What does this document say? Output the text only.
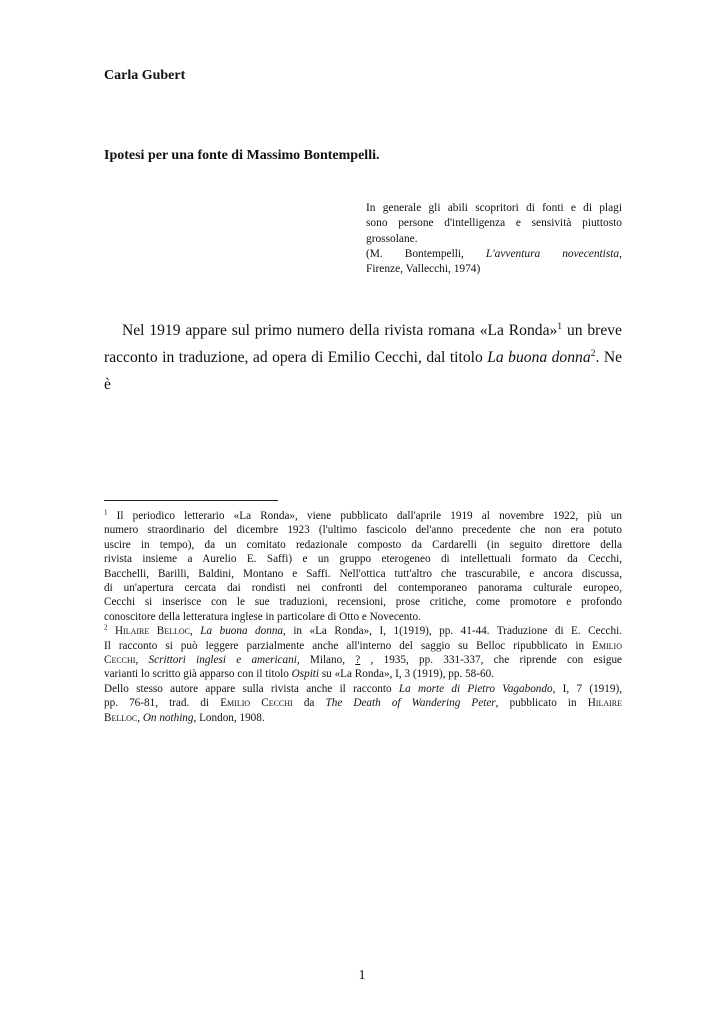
Carla Gubert
Ipotesi per una fonte di Massimo Bontempelli.
In generale gli abili scopritori di fonti e di plagi
sono persone d'intelligenza e sensività piuttosto
grossolane.
(M. Bontempelli, L'avventura novecentista,
Firenze, Vallecchi, 1974)
Nel 1919 appare sul primo numero della rivista romana «La Ronda»$^1$ un breve
racconto in traduzione, ad opera di Emilio Cecchi, dal titolo La buona donna$^2$. Ne è
$^1$ Il periodico letterario «La Ronda», viene pubblicato dall'aprile 1919 al novembre 1922, più un
numero straordinario del dicembre 1923 (l'ultimo fascicolo del'anno precedente che non era potuto
uscire in tempo), da un comitato redazionale composto da Cardarelli (in seguito direttore della
rivista insieme a Aurelio E. Saffi) e un gruppo eterogeneo di intellettuali formato da Cecchi,
Bacchelli, Barilli, Baldini, Montano e Saffi. Nell'ottica tutt'altro che trascurabile, e ancora discussa,
di un'apertura cercata dai rondisti nei confronti del contemporaneo panorama culturale europeo,
Cecchi si inserisce con le sue traduzioni, recensioni, prose critiche, come promotore e profondo
conoscitore della letteratura inglese in particolare di Otto e Novecento.
$^2$ Hilaire Belloc, La buona donna, in «La Ronda», I, 1(1919), pp. 41-44. Traduzione di E. Cecchi.
Il racconto si può leggere parzialmente anche all'interno del saggio su Belloc ripubblicato in Emilio
Cecchi, Scrittori inglesi e americani, Milano, ? , 1935, pp. 331-337, che riprende con esigue
varianti lo scritto già apparso con il titolo Ospiti su «La Ronda», I, 3 (1919), pp. 58-60.
Dello stesso autore appare sulla rivista anche il racconto La morte di Pietro Vagabondo, I, 7 (1919),
pp. 76-81, trad. di Emilio Cecchi da The Death of Wandering Peter, pubblicato in Hilaire
Belloc, On nothing, London, 1908.
1
